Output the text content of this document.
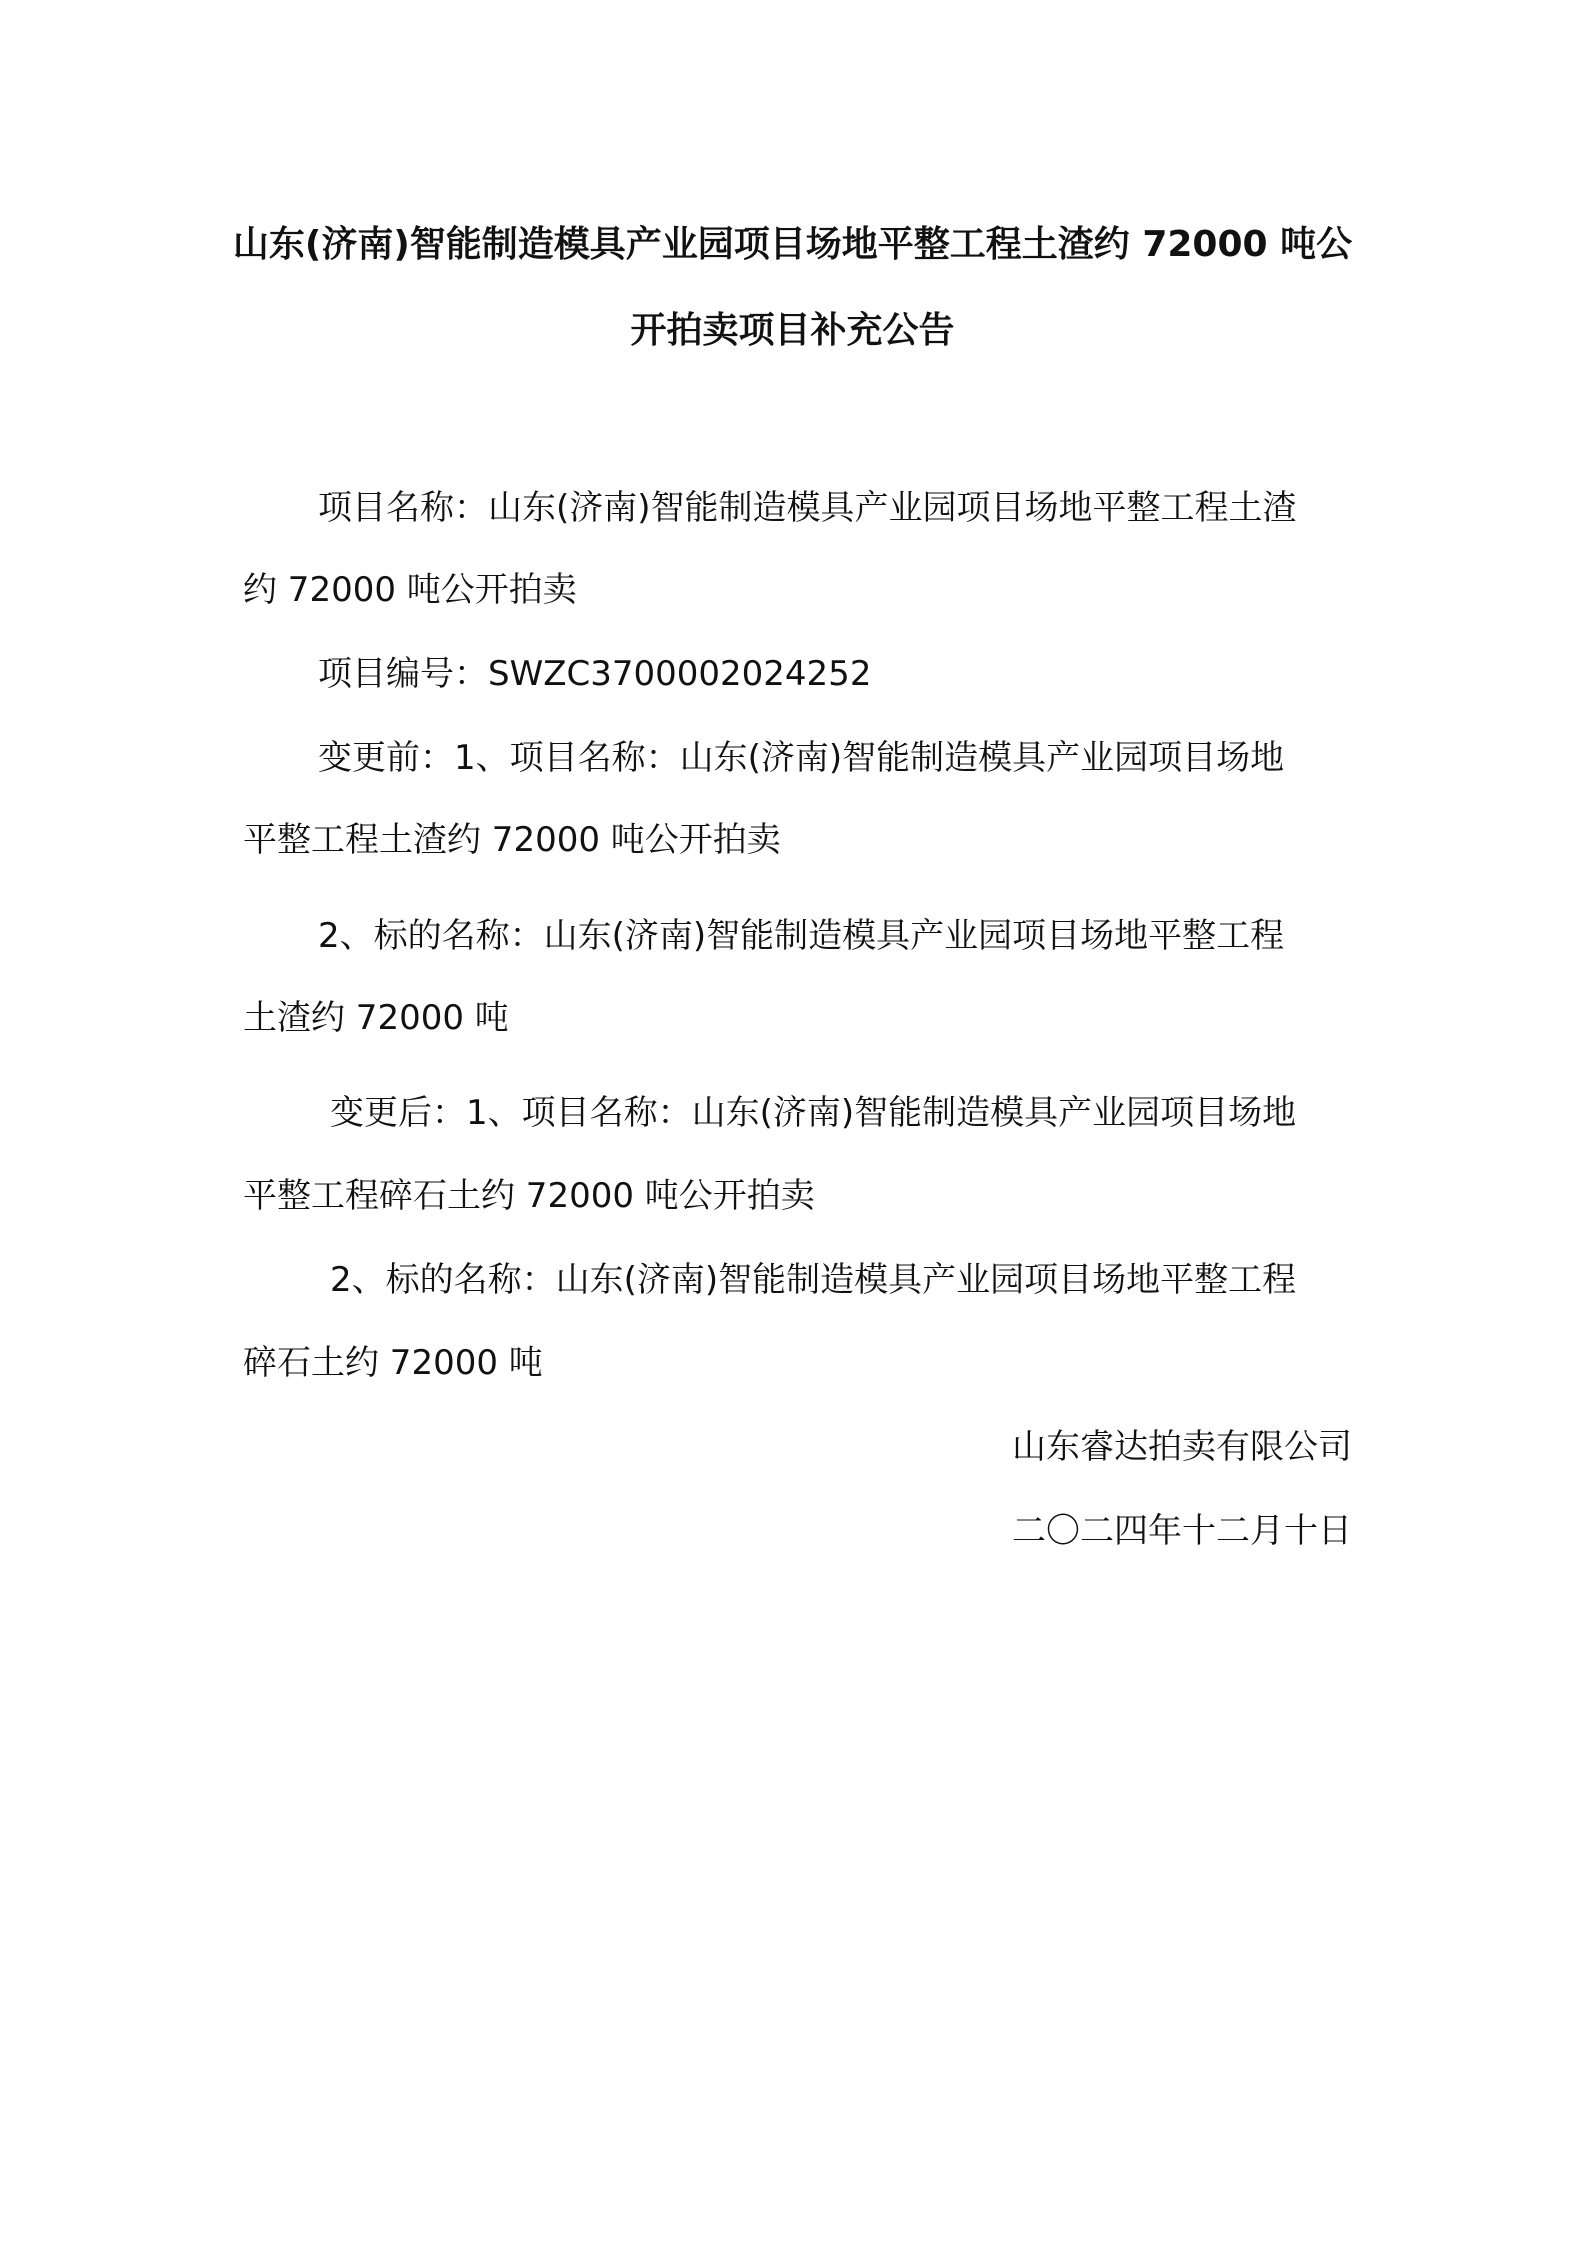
山东(济南)智能制造模具产业园项目场地平整工程土渣约 72000 吨公
开拍卖项目补充公告

项目名称：山东(济南)智能制造模具产业园项目场地平整工程土渣

约 72000 吨公开拍卖

项目编号：SWZC3700002024252

变更前：1、项目名称：山东(济南)智能制造模具产业园项目场地

平整工程土渣约 72000 吨公开拍卖

2、标的名称：山东(济南)智能制造模具产业园项目场地平整工程

土渣约 72000 吨

变更后：1、项目名称：山东(济南)智能制造模具产业园项目场地

平整工程碎石土约 72000 吨公开拍卖

2、标的名称：山东(济南)智能制造模具产业园项目场地平整工程

碎石土约 72000 吨

山东睿达拍卖有限公司

二〇二四年十二月十日
